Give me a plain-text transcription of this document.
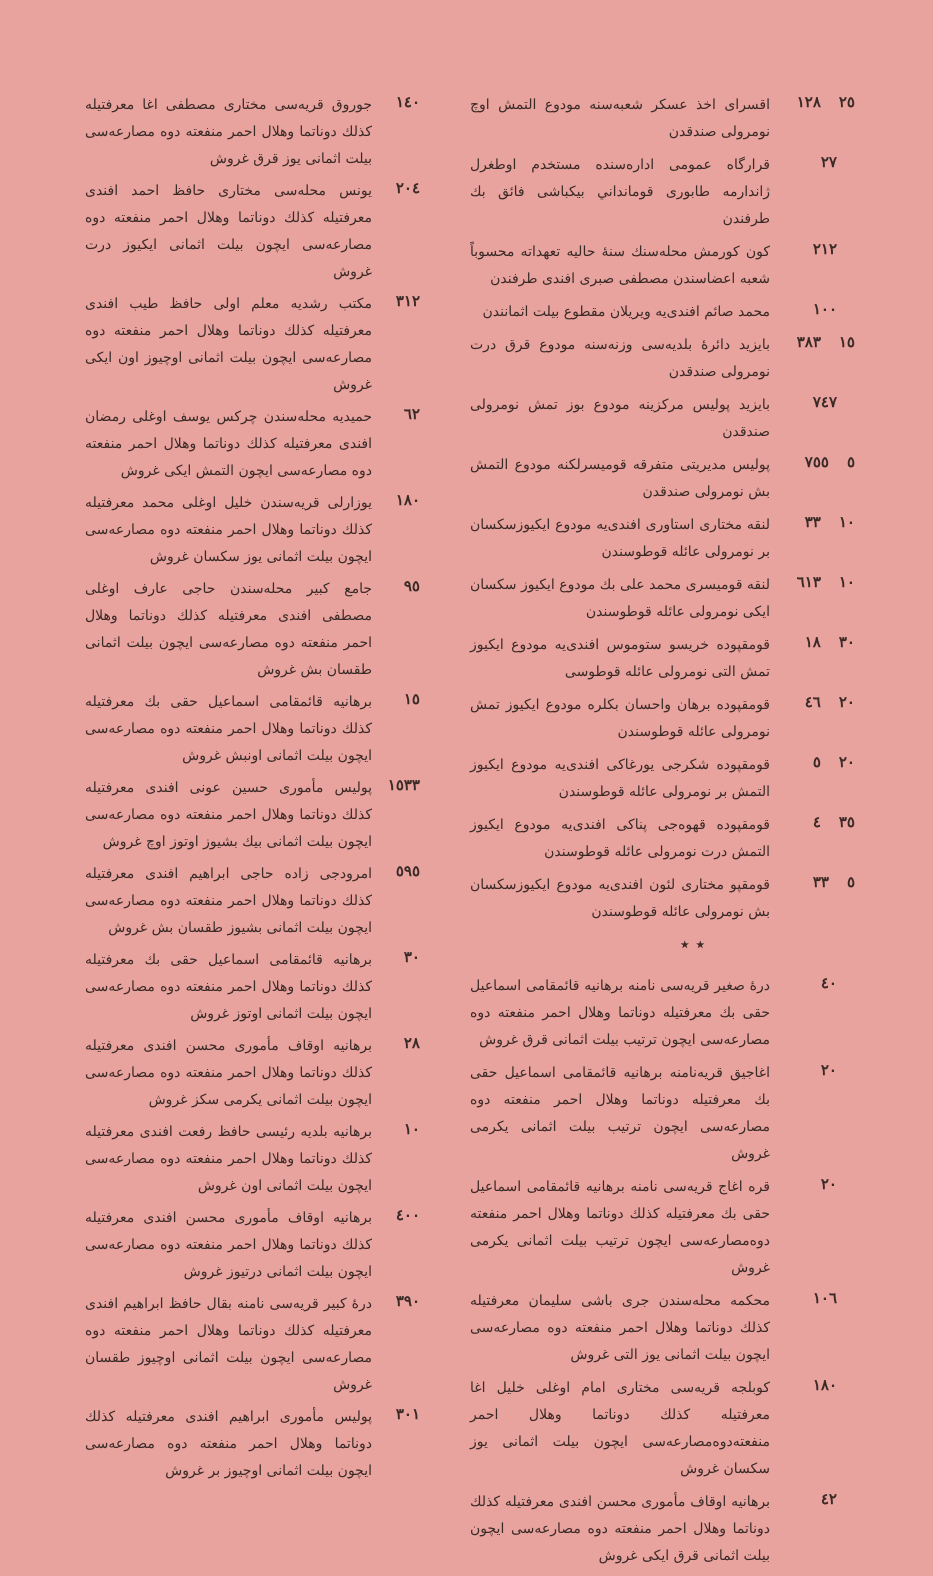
٢٥
١٢٨
اقسرای اخذ عسکر شعبه‌سنه مودوع التمش اوچ نومرولی صندقدن
٢٧
قرارگاه عمومی اداره‌سنده مستخدم اوطغرل ژاندارمه طابوری قومانداني بیکباشی فائق بك طرفندن
٢١٢
كون كورمش محله‌سنك سنهٔ حالیه تعهداته محسوباً شعبه اعضاسندن مصطفی صبری افندی طرفندن
١٠٠
محمد صائم افندی‌یه ویریلان مقطوع بیلت اثمانندن
١٥
٣٨٣
بایزید دائرهٔ بلدیه‌سی وزنه‌سنه مودوع قرق درت نومرولی صندقدن
٧٤٧
بایزید پولیس مرکزینه مودوع بوز تمش نومرولی صندقدن
٥
٧٥٥
پولیس مدیریتی متفرقه قومیسرلکنه مودوع التمش بش نومرولی صندقدن
١٠
٣٣
لنقه مختاری استاوری افندی‌یه مودوع ایکیوزسکسان بر نومرولی عائله قوطوسندن
١٠
٦١٣
لنقه قومیسری محمد علی بك مودوع ایکیوز سکسان ایکی نومرولی عائله قوطوسندن
٣٠
١٨
قومقپوده خریسو ستوموس افندی‌یه مودوع ایکیوز تمش التی نومرولی عائله قوطوسی
٢٠
٤٦
قومقپوده برهان واحسان بکلره مودوع ایکیوز تمش نومرولی عائله قوطوسندن
٢٠
٥
قومقپوده شکرجی یورغاکی افندی‌یه مودوع ایکیوز التمش بر نومرولی عائله قوطوسندن
٣٥
٤
قومقپوده قهوه‌جی پناکی افندی‌یه مودوع ایکیوز التمش درت نومرولی عائله قوطوسندن
٥
٣٣
قومقپو مختاری لئون افندی‌یه مودوع ایکیوزسکسان بش نومرولی عائله قوطوسندن
٭ ٭
٤٠
درهٔ صغیر قریه‌سی نامنه برهانیه قائمقامی اسماعیل حقی بك معرفتیله دوناتما وهلال احمر منفعته دوه مصارعه‌سی ایچون ترتیب بیلت اثمانی قرق غروش
٢٠
اغاجیق قریه‌نامنه برهانیه قائمقامی اسماعیل حقی بك معرفتیله دوناتما وهلال احمر منفعته دوه مصارعه‌سی ایچون ترتیب بیلت اثمانی یکرمی غروش
٢٠
قره اغاج قریه‌سی نامنه برهانیه قائمقامی اسماعیل حقی بك معرفتیله کذلك دوناتما وهلال احمر منفعته دوه‌مصارعه‌سی ایچون ترتیب بیلت اثمانی یکرمی غروش
١٠٦
محکمه محله‌سندن جری باشی سلیمان معرفتیله کذلك دوناتما وهلال احمر منفعته دوه مصارعه‌سی ایچون بیلت اثمانی یوز التی غروش
١٨٠
کوبلجه قریه‌سی مختاری امام اوغلی خلیل اغا معرفتیله کذلك دوناتما وهلال احمر منفعته‌دوه‌مصارعه‌سی ایچون بیلت اثمانی یوز سکسان غروش
٤٢
برهانیه اوقاف مأموری محسن افندی معرفتیله کذلك دوناتما وهلال احمر منفعته دوه مصارعه‌سی ایچون بیلت اثمانی قرق ایکی غروش
١٤٠
جوروق قریه‌سی مختاری مصطفی اغا معرفتیله کذلك دوناتما وهلال احمر منفعته دوه مصارعه‌سی بیلت اثمانی یوز قرق غروش
٢٠٤
یونس محله‌سی مختاری حافظ احمد افندی معرفتیله کذلك دوناتما وهلال احمر منفعته دوه مصارعه‌سی ایچون بیلت اثمانی ایکیوز درت غروش
٣١٢
مکتب رشدیه معلم اولی حافظ طیب افندی معرفتیله کذلك دوناتما وهلال احمر منفعته دوه مصارعه‌سی ایچون بیلت اثمانی اوچیوز اون ایکی غروش
٦٢
حمیدیه محله‌سندن چرکس یوسف اوغلی رمضان افندی معرفتیله کذلك دوناتما وهلال احمر منفعته دوه مصارعه‌سی ایچون التمش ایکی غروش
١٨٠
یوزارلی قریه‌سندن خلیل اوغلی محمد معرفتیله کذلك دوناتما وهلال احمر منفعته دوه مصارعه‌سی ایچون بیلت اثمانی یوز سکسان غروش
٩٥
جامع کبیر محله‌سندن حاجی عارف اوغلی مصطفی افندی معرفتیله کذلك دوناتما وهلال احمر منفعته دوه مصارعه‌سی ایچون بیلت اثمانی طقسان بش غروش
١٥
برهانیه قائمقامی اسماعیل حقی بك معرفتیله کذلك دوناتما وهلال احمر منفعته دوه مصارعه‌سی ایچون بیلت اثمانی اونبش غروش
١٥٣٣
پولیس مأموری حسین عونی افندی معرفتیله کذلك دوناتما وهلال احمر منفعته دوه مصارعه‌سی ایچون بیلت اثمانی بیك بشیوز اوتوز اوچ غروش
٥٩٥
امرودجی زاده حاجی ابراهیم افندی معرفتیله کذلك دوناتما وهلال احمر منفعته دوه مصارعه‌سی ایچون بیلت اثمانی بشیوز طقسان بش غروش
٣٠
برهانیه قائمقامی اسماعیل حقی بك معرفتیله کذلك دوناتما وهلال احمر منفعته دوه مصارعه‌سی ایچون بیلت اثمانی اوتوز غروش
٢٨
برهانیه اوقاف مأموری محسن افندی معرفتیله کذلك دوناتما وهلال احمر منفعته دوه مصارعه‌سی ایچون بیلت اثمانی یکرمی سکز غروش
١٠
برهانیه بلدیه رئیسی حافظ رفعت افندی معرفتیله کذلك دوناتما وهلال احمر منفعته دوه مصارعه‌سی ایچون بیلت اثمانی اون غروش
٤٠٠
برهانیه اوقاف مأموری محسن افندی معرفتیله کذلك دوناتما وهلال احمر منفعته دوه مصارعه‌سی ایچون بیلت اثمانی درتیوز غروش
٣٩٠
درهٔ کبیر قریه‌سی نامنه بقال حافظ ابراهیم افندی معرفتیله کذلك دوناتما وهلال احمر منفعته دوه مصارعه‌سی ایچون بیلت اثمانی اوچیوز طقسان غروش
٣٠١
پولیس مأموری ابراهیم افندی معرفتیله کذلك دوناتما وهلال احمر منفعته دوه مصارعه‌سی ایچون بیلت اثمانی اوچیوز بر غروش
